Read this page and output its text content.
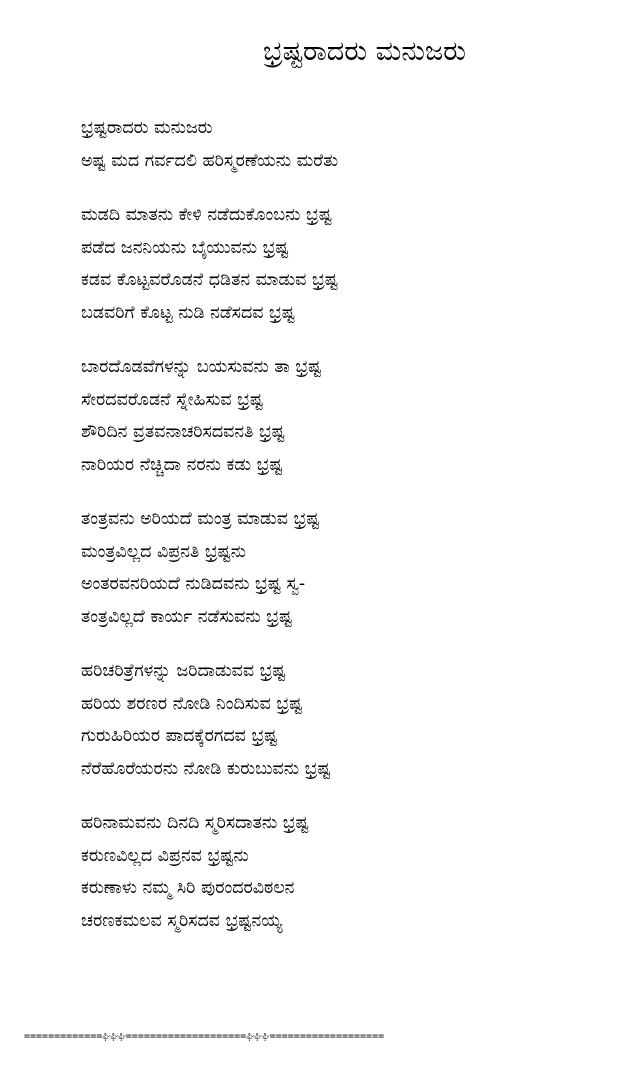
ಭ್ರಷ್ಟರಾದರು ಮನುಜರು
ಭ್ರಷ್ಟರಾದರು ಮನುಜರು
ಅಷ್ಟ ಮದ ಗರ್ವದಲಿ ಹರಿಸ್ಮರಣೆಯನು ಮರೆತು
ಮಡದಿ ಮಾತನು ಕೇಳಿ ನಡೆದುಕೊಂಬನು ಭ್ರಷ್ಟ
ಪಡೆದ ಜನನಿಯನು ಬೈಯುವನು ಭ್ರಷ್ಟ
ಕಡವ ಕೊಟ್ಟವರೊಡನೆ ಧಡಿತನ ಮಾಡುವ ಭ್ರಷ್ಟ
ಬಡವರಿಗೆ ಕೊಟ್ಟ ನುಡಿ ನಡೆಸದವ ಭ್ರಷ್ಟ
ಬಾರದೊಡವೆಗಳನ್ನು ಬಯಸುವನು ತಾ ಭ್ರಷ್ಟ
ಸೇರದವರೊಡನೆ ಸ್ನೇಹಿಸುವ ಭ್ರಷ್ಟ
ಶೌರಿದಿನ ವ್ರತವನಾಚರಿಸದವನತಿ ಭ್ರಷ್ಟ
ನಾರಿಯರ ನೆಚ್ಚಿದಾ ನರನು ಕಡು ಭ್ರಷ್ಟ
ತಂತ್ರವನು ಅರಿಯದೆ ಮಂತ್ರ ಮಾಡುವ ಭ್ರಷ್ಟ
ಮಂತ್ರವಿಲ್ಲದ ವಿಪ್ರನತಿ ಭ್ರಷ್ಟನು
ಅಂತರವನರಿಯದೆ ನುಡಿದವನು ಭ್ರಷ್ಟ ಸ್ವ-
ತಂತ್ರವಿಲ್ಲದೆ ಕಾರ್ಯ ನಡೆಸುವನು ಭ್ರಷ್ಟ
ಹರಿಚರಿತ್ರೆಗಳನ್ನು ಜರಿದಾಡುವವ ಭ್ರಷ್ಟ
ಹರಿಯ ಶರಣರ ನೋಡಿ ನಿಂದಿಸುವ ಭ್ರಷ್ಟ
ಗುರುಹಿರಿಯರ ಪಾದಕ್ಕೆರಗದವ ಭ್ರಷ್ಟ
ನೆರೆಹೊರೆಯರನು ನೋಡಿ ಕುರುಬುವನು ಭ್ರಷ್ಟ
ಹರಿನಾಮವನು ದಿನದಿ ಸ್ಮರಿಸದಾತನು ಭ್ರಷ್ಟ
ಕರುಣವಿಲ್ಲದ ವಿಪ್ರನವ ಭ್ರಷ್ಟನು
ಕರುಣಾಳು ನಮ್ಮ ಸಿರಿ ಪುರಂದರವಿಠಲನ
ಚರಣಕಮಲವ ಸ್ಮರಿಸದವ ಭ್ರಷ್ಟನಯ್ಯ
=============ಘಿಘಿಘಿ====================ಘಿಘಿಘಿ===================
